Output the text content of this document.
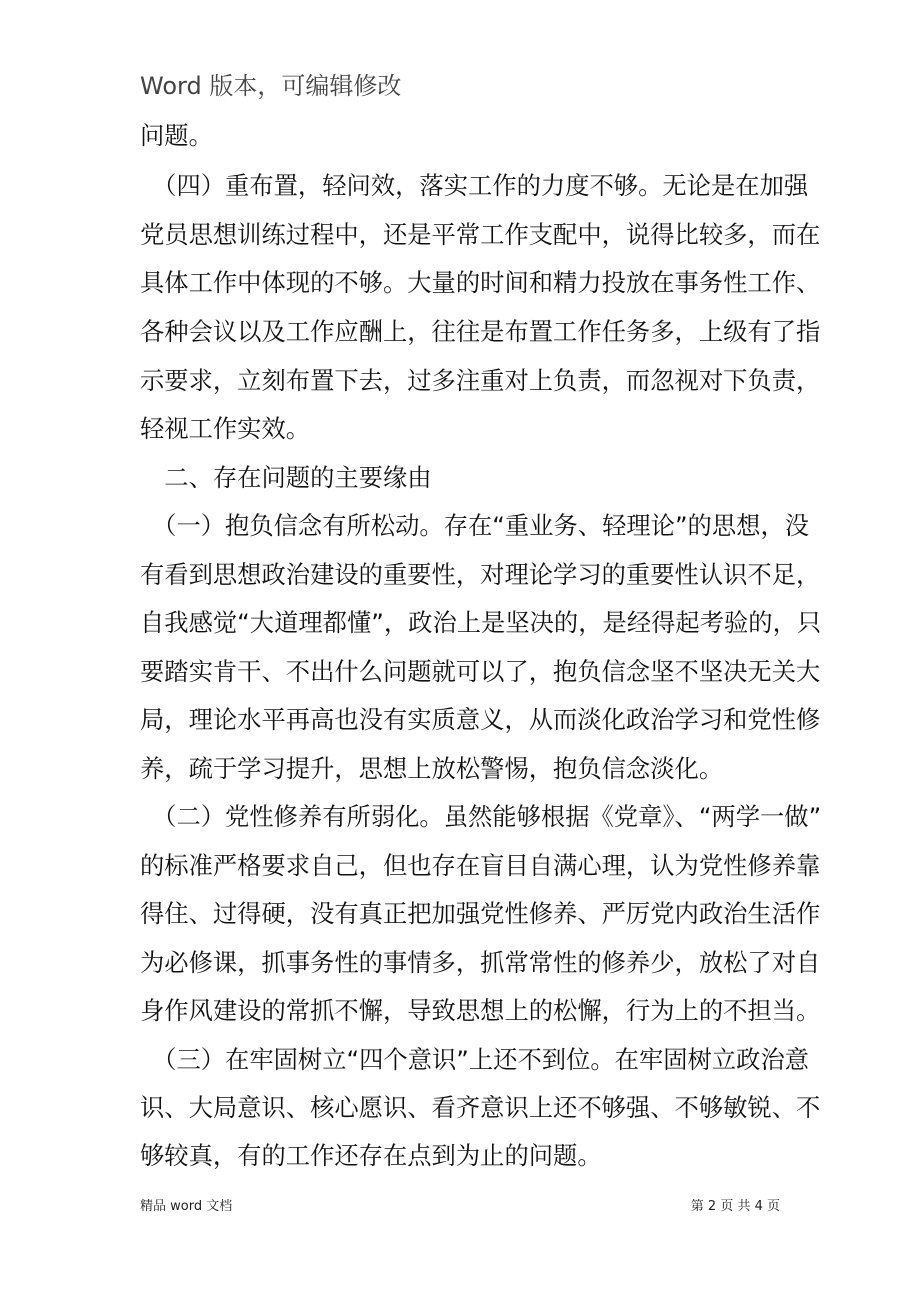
Word 版本，可编辑修改
问题。
　（四）重布置，轻问效，落实工作的力度不够。无论是在加强
党员思想训练过程中，还是平常工作支配中，说得比较多，而在
具体工作中体现的不够。大量的时间和精力投放在事务性工作、
各种会议以及工作应酬上，往往是布置工作任务多，上级有了指
示要求，立刻布置下去，过多注重对上负责，而忽视对下负责，
轻视工作实效。
　二、存在问题的主要缘由
　（一）抱负信念有所松动。存在“重业务、轻理论”的思想，没
有看到思想政治建设的重要性，对理论学习的重要性认识不足，
自我感觉“大道理都懂”，政治上是坚决的，是经得起考验的，只
要踏实肯干、不出什么问题就可以了，抱负信念坚不坚决无关大
局，理论水平再高也没有实质意义，从而淡化政治学习和党性修
养，疏于学习提升，思想上放松警惕，抱负信念淡化。
　（二）党性修养有所弱化。虽然能够根据《党章》、“两学一做”
的标准严格要求自己，但也存在盲目自满心理，认为党性修养靠
得住、过得硬，没有真正把加强党性修养、严厉党内政治生活作
为必修课，抓事务性的事情多，抓常常性的修养少，放松了对自
身作风建设的常抓不懈，导致思想上的松懈，行为上的不担当。
　（三）在牢固树立“四个意识”上还不到位。在牢固树立政治意
识、大局意识、核心愿识、看齐意识上还不够强、不够敏锐、不
够较真，有的工作还存在点到为止的问题。
精品 word 文档	第 2 页 共 4 页
